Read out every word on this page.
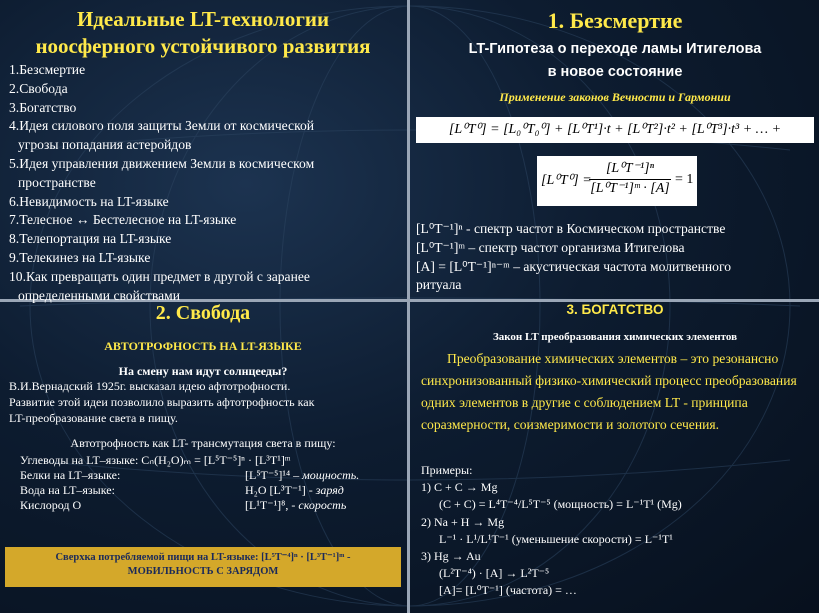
Идеальные LT-технологии
ноосферного устойчивого развития
1.Безсмертие
2.Свобода
3.Богатство
4.Идея силового поля защиты Земли от космической
угрозы попадания астеройдов
5.Идея управления движением Земли в космическом
пространстве
6.Невидимость на LT-языке
7.Телесное ↔ Бестелесное на LT-языке
8.Телепортация на LT-языке
9.Телекинез на LT-языке
10.Как превращать один предмет в другой с заранее
определенными свойствами
1. Безсмертие
LT-Гипотеза о переходе ламы Итигелова
в новое состояние
Применение законов Вечности и Гармонии
[L⁰T⁰] = [L₀⁰T₀⁰] + [L⁰T¹]·t + [L⁰T²]·t² + [L⁰T³]·t³ + … +
[L⁰T⁰] =
$\frac{\text{[L⁰T⁻¹]ⁿ}}{\text{[L⁰T⁻¹]ᵐ · [A]}} = 1$
[L⁰T⁻¹]ⁿ - спектр частот в Космическом пространстве
[L⁰T⁻¹]ᵐ – спектр частот организма Итигелова
[A] = [L⁰T⁻¹]ⁿ⁻ᵐ – акустическая частота молитвенного
ритуала
2. Свобода
АВТОТРОФНОСТЬ НА LT-ЯЗЫКЕ
На смену нам идут солнцееды?
В.И.Вернадский 1925г. высказал идею афтотрофности.
Развитие этой идеи позволило выразить афтотрофность как
LT-преобразование света в пищу.
Автотрофность как LT- трансмутация света в пищу:
Углеводы на LT–языке: Cₙ(H₂O)ₘ = [L⁵T⁻⁵]ⁿ · [L³T¹]ᵐ
Белки на LT–языке:	[L⁵T⁻⁵]¹⁴ – мощность.
Вода на LT–языке:	H₂O [L³T⁻¹] - заряд
Кислород О	[L¹T⁻¹]⁸, - скорость
Сверхка потребляемой пищи на LT-языке: [L⁵T⁻⁴]ⁿ · [L³T⁻¹]ᵐ -
МОБИЛЬНОСТЬ С ЗАРЯДОМ
3. БОГАТСТВО
Закон LT преобразования химических элементов
Преобразование химических элементов – это резонансно синхронизованный физико-химический процесс преобразования одних элементов в другие с соблюдением LT - принципа соразмерности, соизмеримости и золотого сечения.
Примеры:
1) C + C → Mg
(C + C) = L⁴T⁻⁴/L⁵T⁻⁵ (мощность) = L⁻¹T¹ (Mg)
2) Na + H → Mg
L⁻¹ · L¹/L¹T⁻¹ (уменьшение скорости) = L⁻¹T¹
3) Hg → Au
(L²T⁻⁴) · [A] → L²T⁻⁵
[A]= [L⁰T⁻¹] (частота) = …
